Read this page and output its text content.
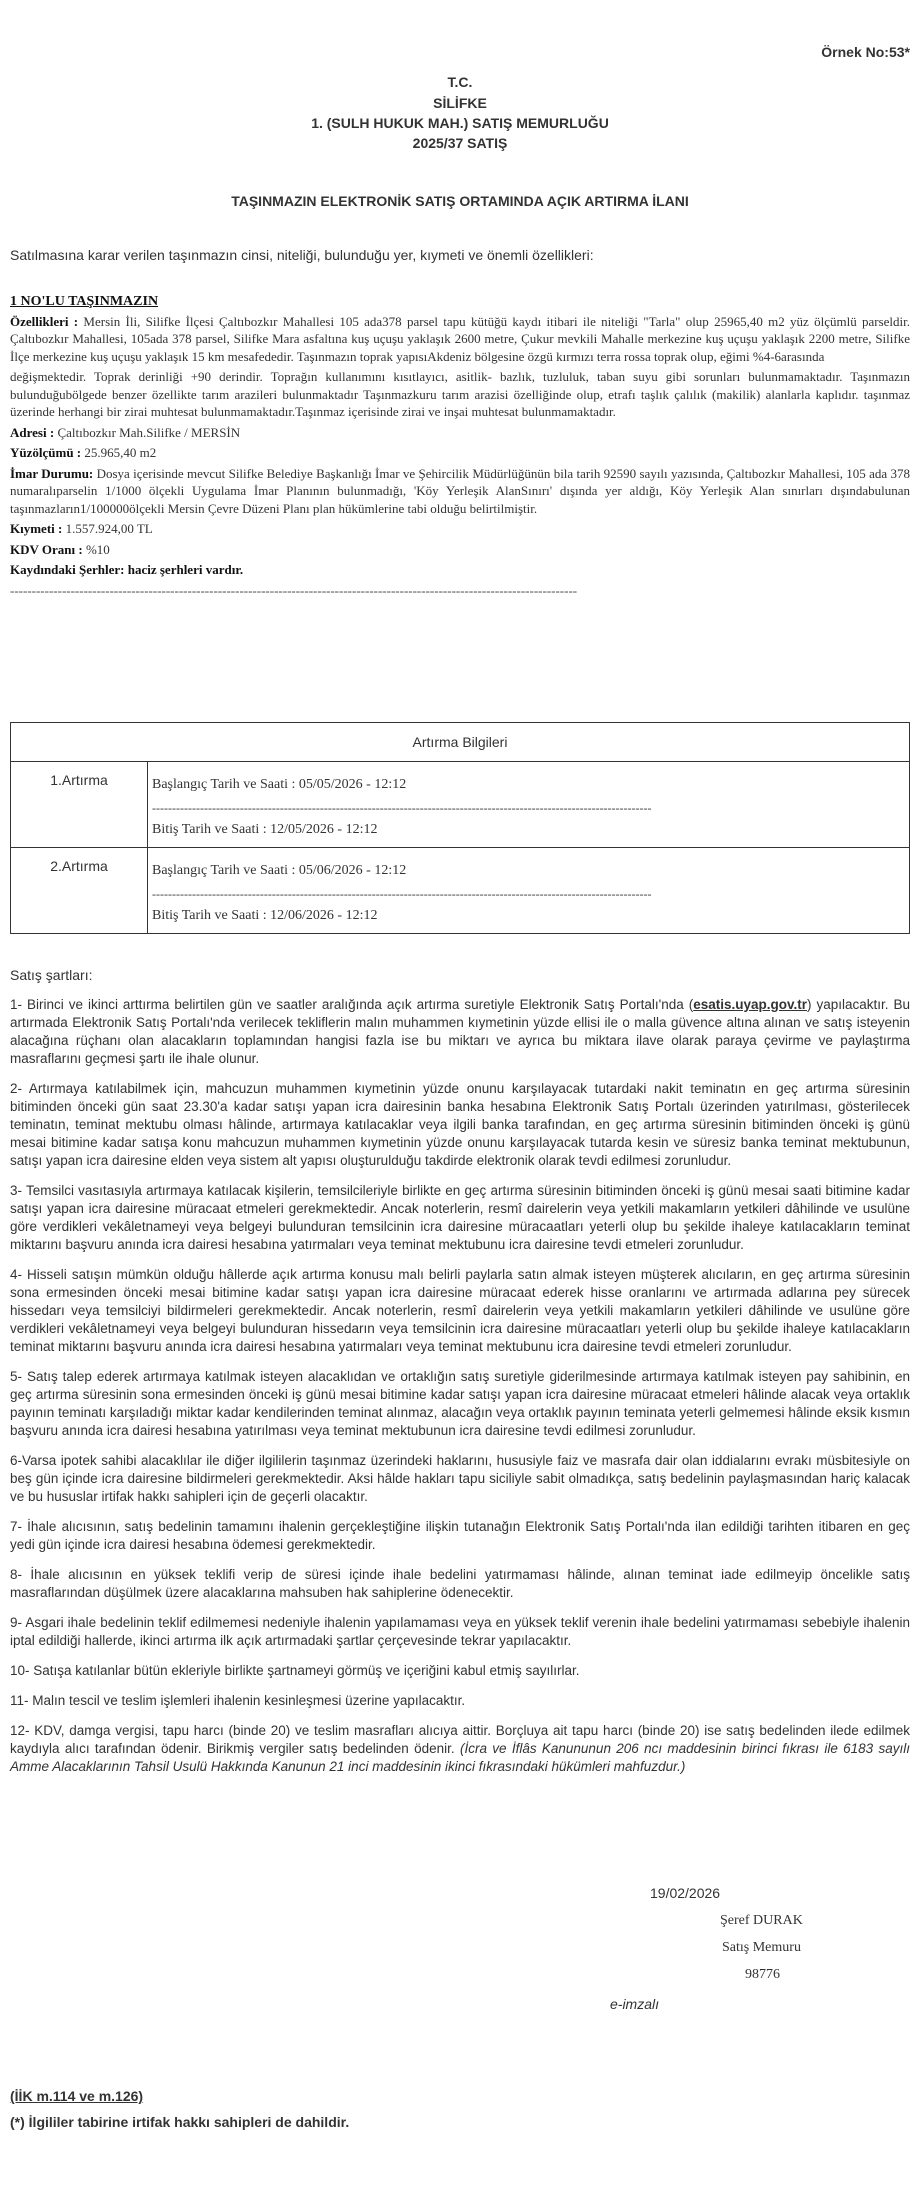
Örnek No:53*
T.C.
SİLİFKE
1. (SULH HUKUK MAH.) SATIŞ MEMURLUĞU
2025/37 SATIŞ
TAŞINMAZIN ELEKTRONİK SATIŞ ORTAMINDA AÇIK ARTIRMA İLANI
Satılmasına karar verilen taşınmazın cinsi, niteliği, bulunduğu yer, kıymeti ve önemli özellikleri:
1 NO'LU TAŞINMAZIN
Özellikleri : Mersin İli, Silifke İlçesi Çaltıbozkır Mahallesi 105 ada378 parsel tapu kütüğü kaydı itibari ile niteliği "Tarla" olup 25965,40 m2 yüz ölçümlü parseldir. Çaltıbozkır Mahallesi, 105ada 378 parsel, Silifke Mara asfaltına kuş uçuşu yaklaşık 2600 metre, Çukur mevkili Mahalle merkezine kuş uçuşu yaklaşık 2200 metre, Silifke İlçe merkezine kuş uçuşu yaklaşık 15 km mesafededir. Taşınmazın toprak yapısıAkdeniz bölgesine özgü kırmızı terra rossa toprak olup, eğimi %4-6arasında
değişmektedir. Toprak derinliği +90 derindir. Toprağın kullanımını kısıtlayıcı, asitlik- bazlık, tuzluluk, taban suyu gibi sorunları bulunmamaktadır. Taşınmazın bulunduğubölgede benzer özellikte tarım arazileri bulunmaktadır Taşınmazkuru tarım arazisi özelliğinde olup, etrafı taşlık çalılık (makilik) alanlarla kaplıdır. taşınmaz üzerinde herhangi bir zirai muhtesat bulunmamaktadır.Taşınmaz içerisinde zirai ve inşai muhtesat bulunmamaktadır.
Adresi : Çaltıbozkır Mah.Silifke / MERSİN
Yüzölçümü : 25.965,40 m2
İmar Durumu: Dosya içerisinde mevcut Silifke Belediye Başkanlığı İmar ve Şehircilik Müdürlüğünün bila tarih 92590 sayılı yazısında, Çaltıbozkır Mahallesi, 105 ada 378 numaralıparselin 1/1000 ölçekli Uygulama İmar Planının bulunmadığı, 'Köy Yerleşik AlanSınırı' dışında yer aldığı, Köy Yerleşik Alan sınırları dışındabulunan taşınmazların1/100000ölçekli Mersin Çevre Düzeni Planı plan hükümlerine tabi olduğu belirtilmiştir.
Kıymeti : 1.557.924,00 TL
KDV Oranı : %10
Kaydındaki Şerhler: haciz şerhleri vardır.
-----------------------------------------------------------------------------------------------------------------------------------
Artırma Bilgileri	
1.Artırma	Başlangıç Tarih ve Saati : 05/05/2026 - 12:12
-----------------------------------------------------------------------------------------------------------------------------
Bitiş Tarih ve Saati : 12/05/2026 - 12:12

2.Artırma	Başlangıç Tarih ve Saati : 05/06/2026 - 12:12
-----------------------------------------------------------------------------------------------------------------------------
Bitiş Tarih ve Saati : 12/06/2026 - 12:12
Satış şartları:

1- Birinci ve ikinci arttırma belirtilen gün ve saatler aralığında açık artırma suretiyle Elektronik Satış Portalı'nda (esatis.uyap.gov.tr) yapılacaktır. Bu artırmada Elektronik Satış Portalı'nda verilecek tekliflerin malın muhammen kıymetinin yüzde ellisi ile o malla güvence altına alınan ve satış isteyenin alacağına rüçhanı olan alacakların toplamından hangisi fazla ise bu miktarı ve ayrıca bu miktara ilave olarak paraya çevirme ve paylaştırma masraflarını geçmesi şartı ile ihale olunur.

2- Artırmaya katılabilmek için, mahcuzun muhammen kıymetinin yüzde onunu karşılayacak tutardaki nakit teminatın en geç artırma süresinin bitiminden önceki gün saat 23.30'a kadar satışı yapan icra dairesinin banka hesabına Elektronik Satış Portalı üzerinden yatırılması, gösterilecek teminatın, teminat mektubu olması hâlinde, artırmaya katılacaklar veya ilgili banka tarafından, en geç artırma süresinin bitiminden önceki iş günü mesai bitimine kadar satışa konu mahcuzun muhammen kıymetinin yüzde onunu karşılayacak tutarda kesin ve süresiz banka teminat mektubunun, satışı yapan icra dairesine elden veya sistem alt yapısı oluşturulduğu takdirde elektronik olarak tevdi edilmesi zorunludur.

3- Temsilci vasıtasıyla artırmaya katılacak kişilerin, temsilcileriyle birlikte en geç artırma süresinin bitiminden önceki iş günü mesai saati bitimine kadar satışı yapan icra dairesine müracaat etmeleri gerekmektedir. Ancak noterlerin, resmî dairelerin veya yetkili makamların yetkileri dâhilinde ve usulüne göre verdikleri vekâletnameyi veya belgeyi bulunduran temsilcinin icra dairesine müracaatları yeterli olup bu şekilde ihaleye katılacakların teminat miktarını başvuru anında icra dairesi hesabına yatırmaları veya teminat mektubunu icra dairesine tevdi etmeleri zorunludur.

4- Hisseli satışın mümkün olduğu hâllerde açık artırma konusu malı belirli paylarla satın almak isteyen müşterek alıcıların, en geç artırma süresinin sona ermesinden önceki mesai bitimine kadar satışı yapan icra dairesine müracaat ederek hisse oranlarını ve artırmada adlarına pey sürecek hissedarı veya temsilciyi bildirmeleri gerekmektedir. Ancak noterlerin, resmî dairelerin veya yetkili makamların yetkileri dâhilinde ve usulüne göre verdikleri vekâletnameyi veya belgeyi bulunduran hissedarın veya temsilcinin icra dairesine müracaatları yeterli olup bu şekilde ihaleye katılacakların teminat miktarını başvuru anında icra dairesi hesabına yatırmaları veya teminat mektubunu icra dairesine tevdi etmeleri zorunludur.

5- Satış talep ederek artırmaya katılmak isteyen alacaklıdan ve ortaklığın satış suretiyle giderilmesinde artırmaya katılmak isteyen pay sahibinin, en geç artırma süresinin sona ermesinden önceki iş günü mesai bitimine kadar satışı yapan icra dairesine müracaat etmeleri hâlinde alacak veya ortaklık payının teminatı karşıladığı miktar kadar kendilerinden teminat alınmaz, alacağın veya ortaklık payının teminata yeterli gelmemesi hâlinde eksik kısmın başvuru anında icra dairesi hesabına yatırılması veya teminat mektubunun icra dairesine tevdi edilmesi zorunludur.

6-Varsa ipotek sahibi alacaklılar ile diğer ilgililerin taşınmaz üzerindeki haklarını, hususiyle faiz ve masrafa dair olan iddialarını evrakı müsbitesiyle on beş gün içinde icra dairesine bildirmeleri gerekmektedir. Aksi hâlde hakları tapu siciliyle sabit olmadıkça, satış bedelinin paylaşmasından hariç kalacak ve bu hususlar irtifak hakkı sahipleri için de geçerli olacaktır.

7- İhale alıcısının, satış bedelinin tamamını ihalenin gerçekleştiğine ilişkin tutanağın Elektronik Satış Portalı'nda ilan edildiği tarihten itibaren en geç yedi gün içinde icra dairesi hesabına ödemesi gerekmektedir.

8- İhale alıcısının en yüksek teklifi verip de süresi içinde ihale bedelini yatırmaması hâlinde, alınan teminat iade edilmeyip öncelikle satış masraflarından düşülmek üzere alacaklarına mahsuben hak sahiplerine ödenecektir.

9- Asgari ihale bedelinin teklif edilmemesi nedeniyle ihalenin yapılamaması veya en yüksek teklif verenin ihale bedelini yatırmaması sebebiyle ihalenin iptal edildiği hallerde, ikinci artırma ilk açık artırmadaki şartlar çerçevesinde tekrar yapılacaktır.

10- Satışa katılanlar bütün ekleriyle birlikte şartnameyi görmüş ve içeriğini kabul etmiş sayılırlar.

11- Malın tescil ve teslim işlemleri ihalenin kesinleşmesi üzerine yapılacaktır.

12- KDV, damga vergisi, tapu harcı (binde 20) ve teslim masrafları alıcıya aittir. Borçluya ait tapu harcı (binde 20) ise satış bedelinden ilede edilmek kaydıyla alıcı tarafından ödenir. Birikmiş vergiler satış bedelinden ödenir. (İcra ve İflâs Kanununun 206 ncı maddesinin birinci fıkrası ile 6183 sayılı Amme Alacaklarının Tahsil Usulü Hakkında Kanunun 21 inci maddesinin ikinci fıkrasındaki hükümleri mahfuzdur.)

19/02/2026
Şeref DURAK
Satış Memuru
98776
e-imzalı
(İİK m.114 ve m.126)
(*) İlgililer tabirine irtifak hakkı sahipleri de dahildir.
